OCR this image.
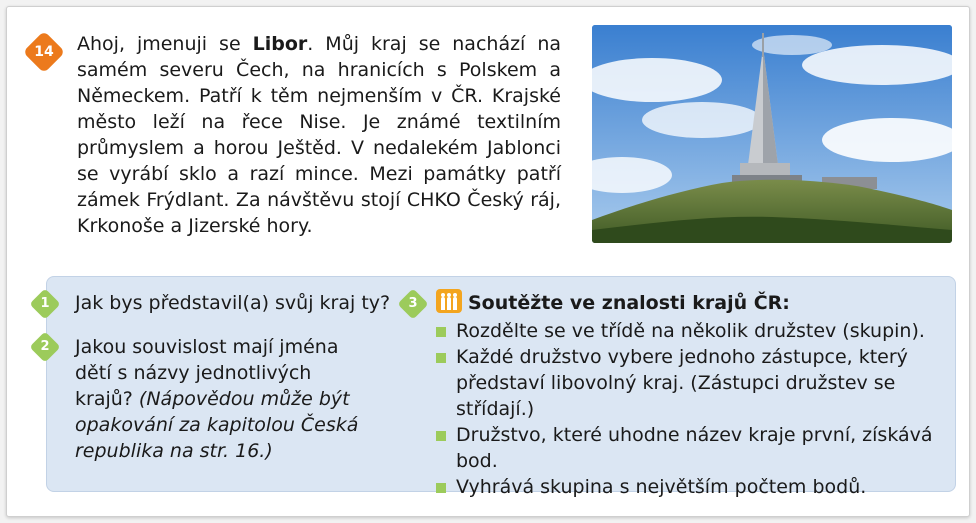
14	Ahoj, jmenuji se Libor. Můj kraj se nachází na samém severu Čech, na hranicích s Polskem a Německem. Patří k těm nejmenším v ČR. Krajské město leží na řece Nise. Je známé textilním průmyslem a horou Ještěd. V nedalekém Jablonci se vyrábí sklo a razí mince. Mezi památky patří zámek Frýdlant. Za návštěvu stojí CHKO Český ráj, Krkonoše a Jizerské hory.
1	Jak bys představil(a) svůj kraj ty?
2	Jakou souvislost mají jména dětí s názvy jednotlivých krajů? (Nápovědou může být opakování za kapitolou Česká republika na str. 16.)
3	Soutěžte ve znalosti krajů ČR:
Rozdělte se ve třídě na několik družstev (skupin).
Každé družstvo vybere jednoho zástupce, který představí libovolný kraj. (Zástupci družstev se střídají.)
Družstvo, které uhodne název kraje první, získává bod.
Vyhrává skupina s největším počtem bodů.
